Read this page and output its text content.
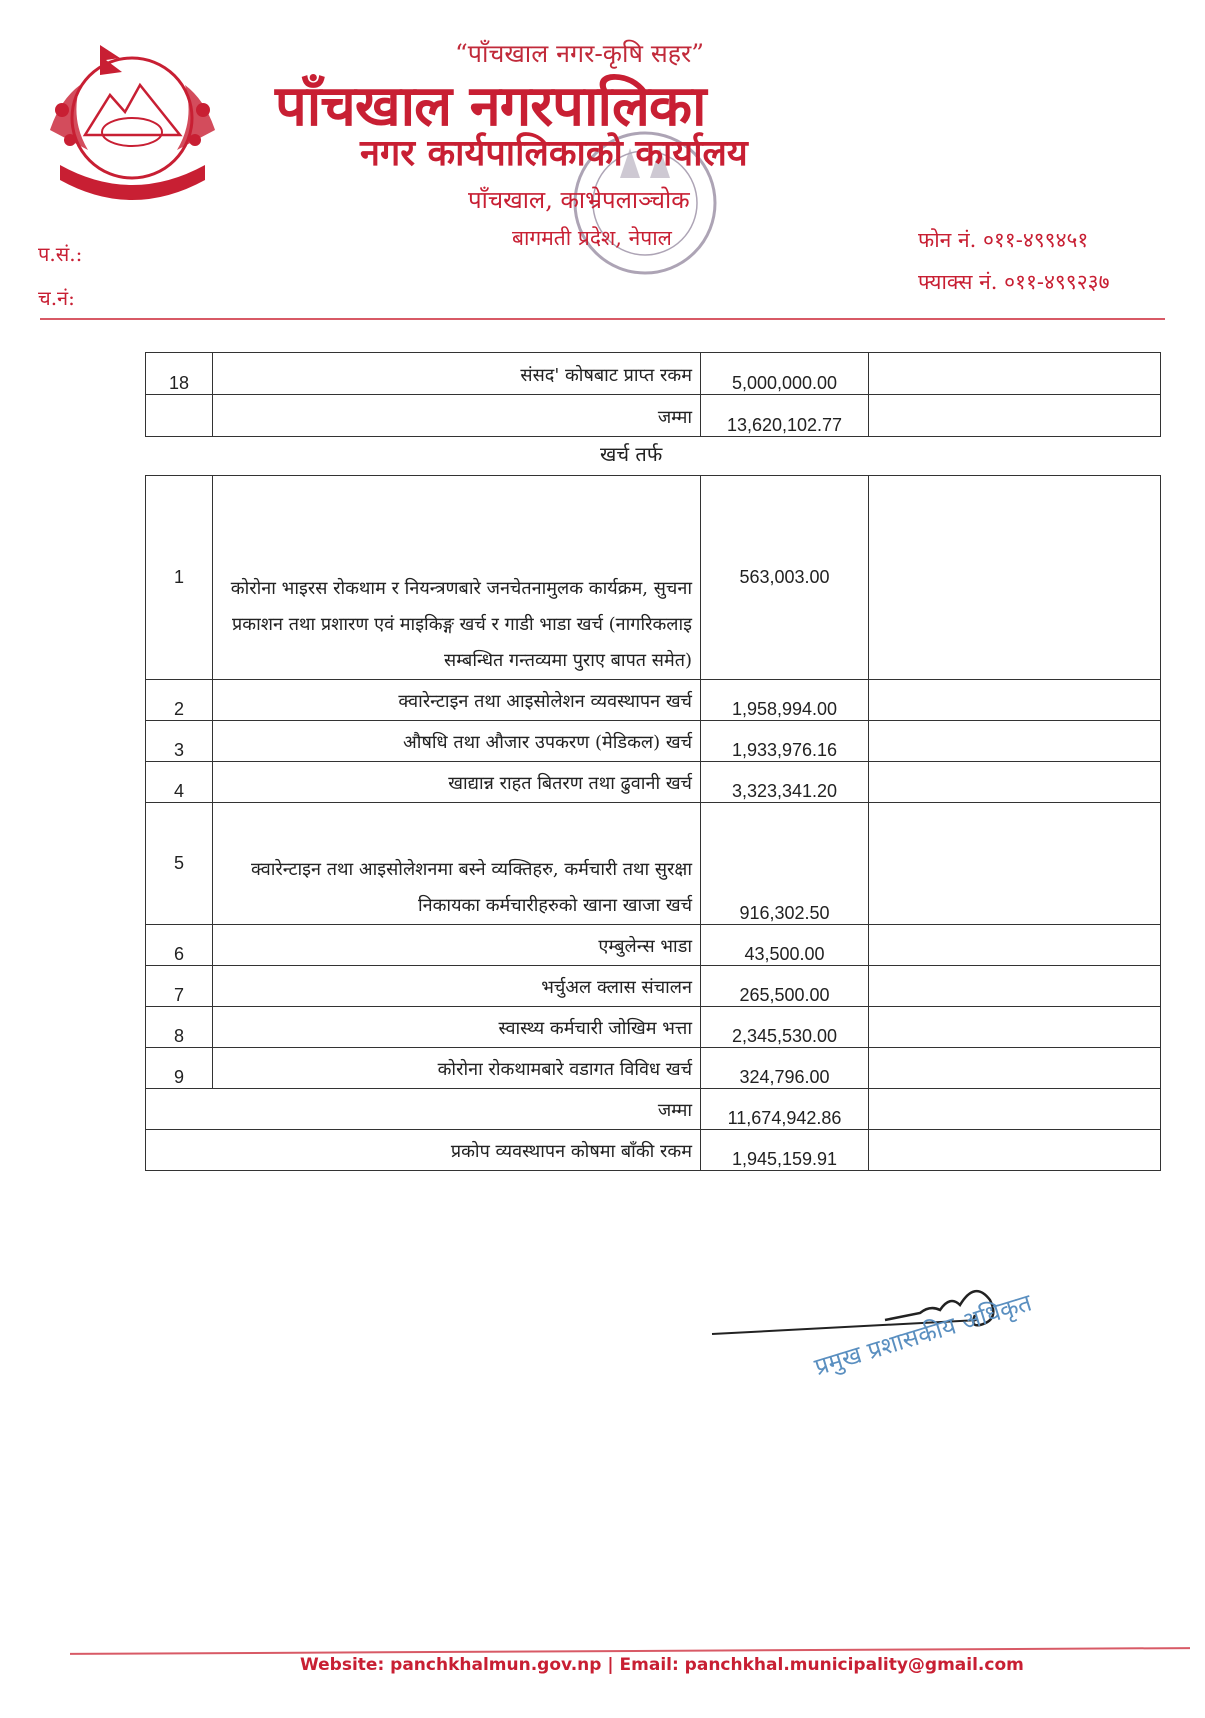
“पाँचखाल नगर-कृषि सहर”
पाँचखाल नगरपालिका
नगर कार्यपालिकाको कार्यालय
पाँचखाल, काभ्रेपलाञ्चोक
बागमती प्रदेश, नेपाल
प.सं.:
च.नं:
फोन नं. ०११-४९९४५१
फ्याक्स नं. ०११-४९९२३७
18	संसद' कोषबाट प्राप्त रकम	5,000,000.00	
	जम्मा	13,620,102.77	
खर्च तर्फ
1	कोरोना भाइरस रोकथाम र नियन्त्रणबारे जनचेतनामुलक कार्यक्रम, सुचना प्रकाशन तथा प्रशारण एवं माइकिङ्ग खर्च र गाडी भाडा खर्च (नागरिकलाइ सम्बन्धित गन्तव्यमा पुराए बापत समेत)	563,003.00	
2	क्वारेन्टाइन तथा आइसोलेशन व्यवस्थापन खर्च	1,958,994.00	
3	औषधि तथा औजार उपकरण (मेडिकल) खर्च	1,933,976.16	
4	खाद्यान्न राहत बितरण तथा ढुवानी खर्च	3,323,341.20	
5	क्वारेन्टाइन तथा आइसोलेशनमा बस्ने व्यक्तिहरु, कर्मचारी तथा सुरक्षा निकायका कर्मचारीहरुको खाना खाजा खर्च	916,302.50	
6	एम्बुलेन्स भाडा	43,500.00	
7	भर्चुअल क्लास संचालन	265,500.00	
8	स्वास्थ्य कर्मचारी जोखिम भत्ता	2,345,530.00	
9	कोरोना रोकथामबारे वडागत विविध खर्च	324,796.00	
जम्मा		11,674,942.86	
प्रकोप व्यवस्थापन कोषमा बाँकी रकम		1,945,159.91	
प्रमुख प्रशासकीय अधिकृत
Website: panchkhalmun.gov.np | Email: panchkhal.municipality@gmail.com
